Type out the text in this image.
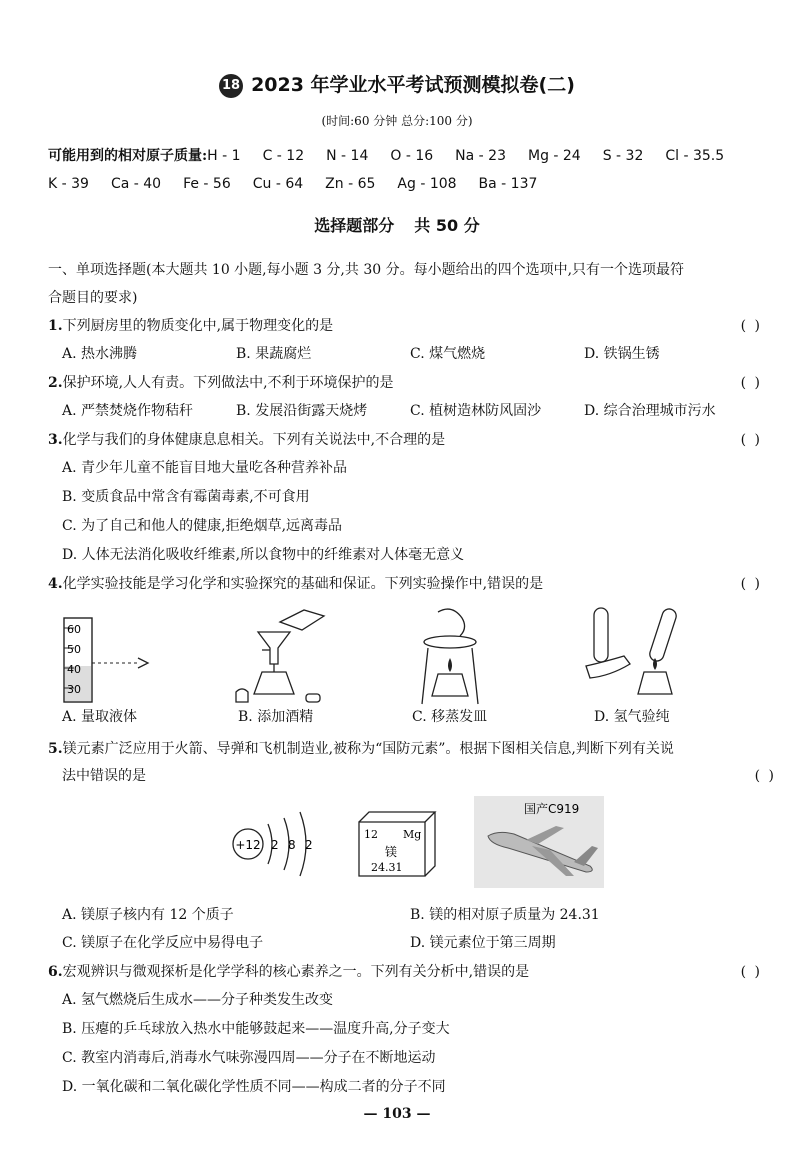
18 2023 年学业水平考试预测模拟卷(二)
(时间:60 分钟 总分:100 分)
可能用到的相对原子质量:H - 1 C - 12 N - 14 O - 16 Na - 23 Mg - 24 S - 32 Cl - 35.5
K - 39 Ca - 40 Fe - 56 Cu - 64 Zn - 65 Ag - 108 Ba - 137
选择题部分 共 50 分
一、单项选择题(本大题共 10 小题,每小题 3 分,共 30 分。每小题给出的四个选项中,只有一个选项最符
合题目的要求)
1.下列厨房里的物质变化中,属于物理变化的是	( )
A. 热水沸腾	B. 果蔬腐烂	C. 煤气燃烧	D. 铁锅生锈
2.保护环境,人人有责。下列做法中,不利于环境保护的是	( )
A. 严禁焚烧作物秸秆	B. 发展沿街露天烧烤	C. 植树造林防风固沙	D. 综合治理城市污水
3.化学与我们的身体健康息息相关。下列有关说法中,不合理的是	( )
A. 青少年儿童不能盲目地大量吃各种营养补品
B. 变质食品中常含有霉菌毒素,不可食用
C. 为了自己和他人的健康,拒绝烟草,远离毒品
D. 人体无法消化吸收纤维素,所以食物中的纤维素对人体毫无意义
4.化学实验技能是学习化学和实验探究的基础和保证。下列实验操作中,错误的是	( )
60
50
40
30
A. 量取液体	B. 添加酒精	C. 移蒸发皿	D. 氢气验纯
5.镁元素广泛应用于火箭、导弹和飞机制造业,被称为“国防元素”。根据下图相关信息,判断下列有关说
法中错误的是	( )
+12 2 8 2
12 Mg
镁
24.31
国产C919
A. 镁原子核内有 12 个质子	B. 镁的相对原子质量为 24.31
C. 镁原子在化学反应中易得电子	D. 镁元素位于第三周期
6.宏观辨识与微观探析是化学学科的核心素养之一。下列有关分析中,错误的是	( )
A. 氢气燃烧后生成水——分子种类发生改变
B. 压瘪的乒乓球放入热水中能够鼓起来——温度升高,分子变大
C. 教室内消毒后,消毒水气味弥漫四周——分子在不断地运动
D. 一氧化碳和二氧化碳化学性质不同——构成二者的分子不同
— 103 —
